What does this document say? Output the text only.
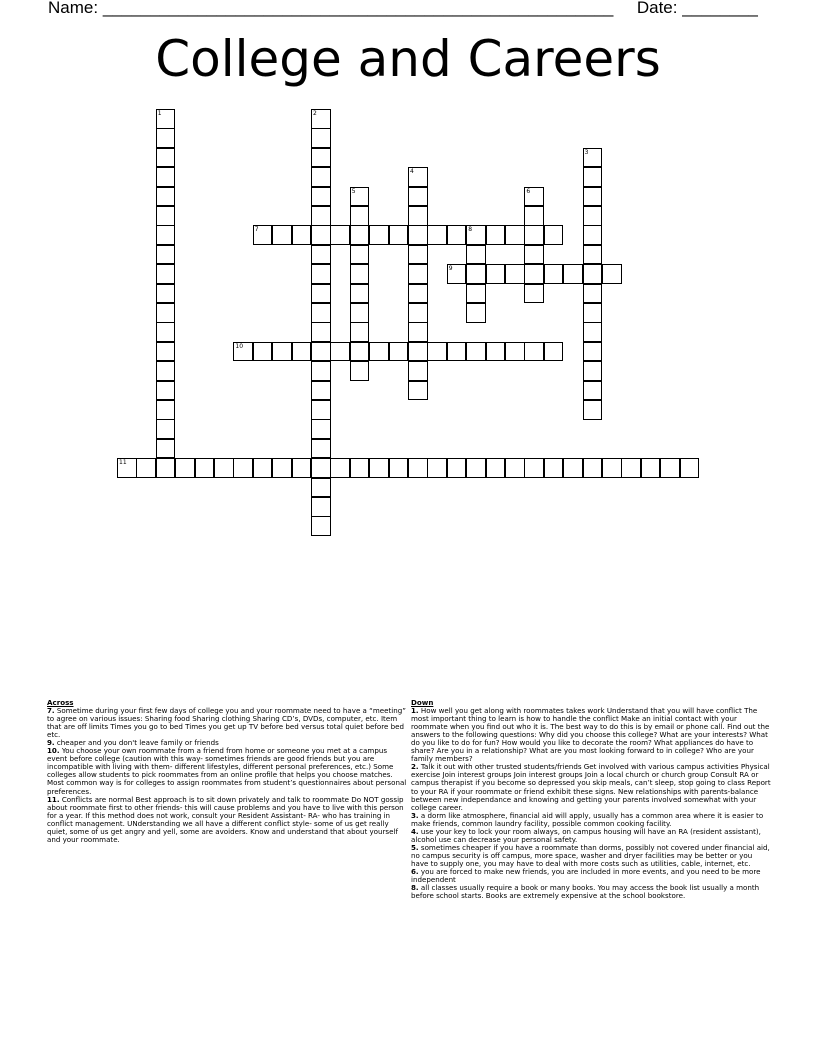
Name: ______________________________________________________ Date: ________
College and Careers
1	2
3
4
5	6
7	8
9
10
11
Across
7. Sometime during your first few days of college you and your roommate need to have a “meeting” to agree on various issues: Sharing food Sharing clothing Sharing CD’s, DVDs, computer, etc. Item that are off limits Times you go to bed Times you get up TV before bed versus total quiet before bed etc.
9. cheaper and you don't leave family or friends
10. You choose your own roommate from a friend from home or someone you met at a campus event before college (caution with this way- sometimes friends are good friends but you are incompatible with living with them- different lifestyles, different personal preferences, etc.) Some colleges allow students to pick roommates from an online profile that helps you choose matches. Most common way is for colleges to assign roommates from student’s questionnaires about personal preferences.
11. Conflicts are normal Best approach is to sit down privately and talk to roommate Do NOT gossip about roommate first to other friends- this will cause problems and you have to live with this person for a year. If this method does not work, consult your Resident Assistant- RA- who has training in conflict management. UNderstanding we all have a different conflict style- some of us get really quiet, some of us get angry and yell, some are avoiders. Know and understand that about yourself and your roommate.
Down
1. How well you get along with roommates takes work Understand that you will have conflict The most important thing to learn is how to handle the conflict Make an initial contact with your roommate when you find out who it is. The best way to do this is by email or phone call. Find out the answers to the following questions: Why did you choose this college? What are your interests? What do you like to do for fun? How would you like to decorate the room? What appliances do have to share? Are you in a relationship? What are you most looking forward to in college? Who are your family members?
2. Talk it out with other trusted students/friends Get involved with various campus activities Physical exercise Join interest groups Join interest groups Join a local church or church group Consult RA or campus therapist if you become so depressed you skip meals, can’t sleep, stop going to class Report to your RA if your roommate or friend exhibit these signs. New relationships with parents-balance between new independance and knowing and getting your parents involved somewhat with your college career.
3. a dorm like atmosphere, financial aid will apply, usually has a common area where it is easier to make friends, common laundry facility, possible common cooking facility.
4. use your key to lock your room always, on campus housing will have an RA (resident assistant), alcohol use can decrease your personal safety.
5. sometimes cheaper if you have a roommate than dorms, possibly not covered under financial aid, no campus security is off campus, more space, washer and dryer facilities may be better or you have to supply one, you may have to deal with more costs such as utilities, cable, internet, etc.
6. you are forced to make new friends, you are included in more events, and you need to be more independent
8. all classes usually require a book or many books. You may access the book list usually a month before school starts. Books are extremely expensive at the school bookstore.
